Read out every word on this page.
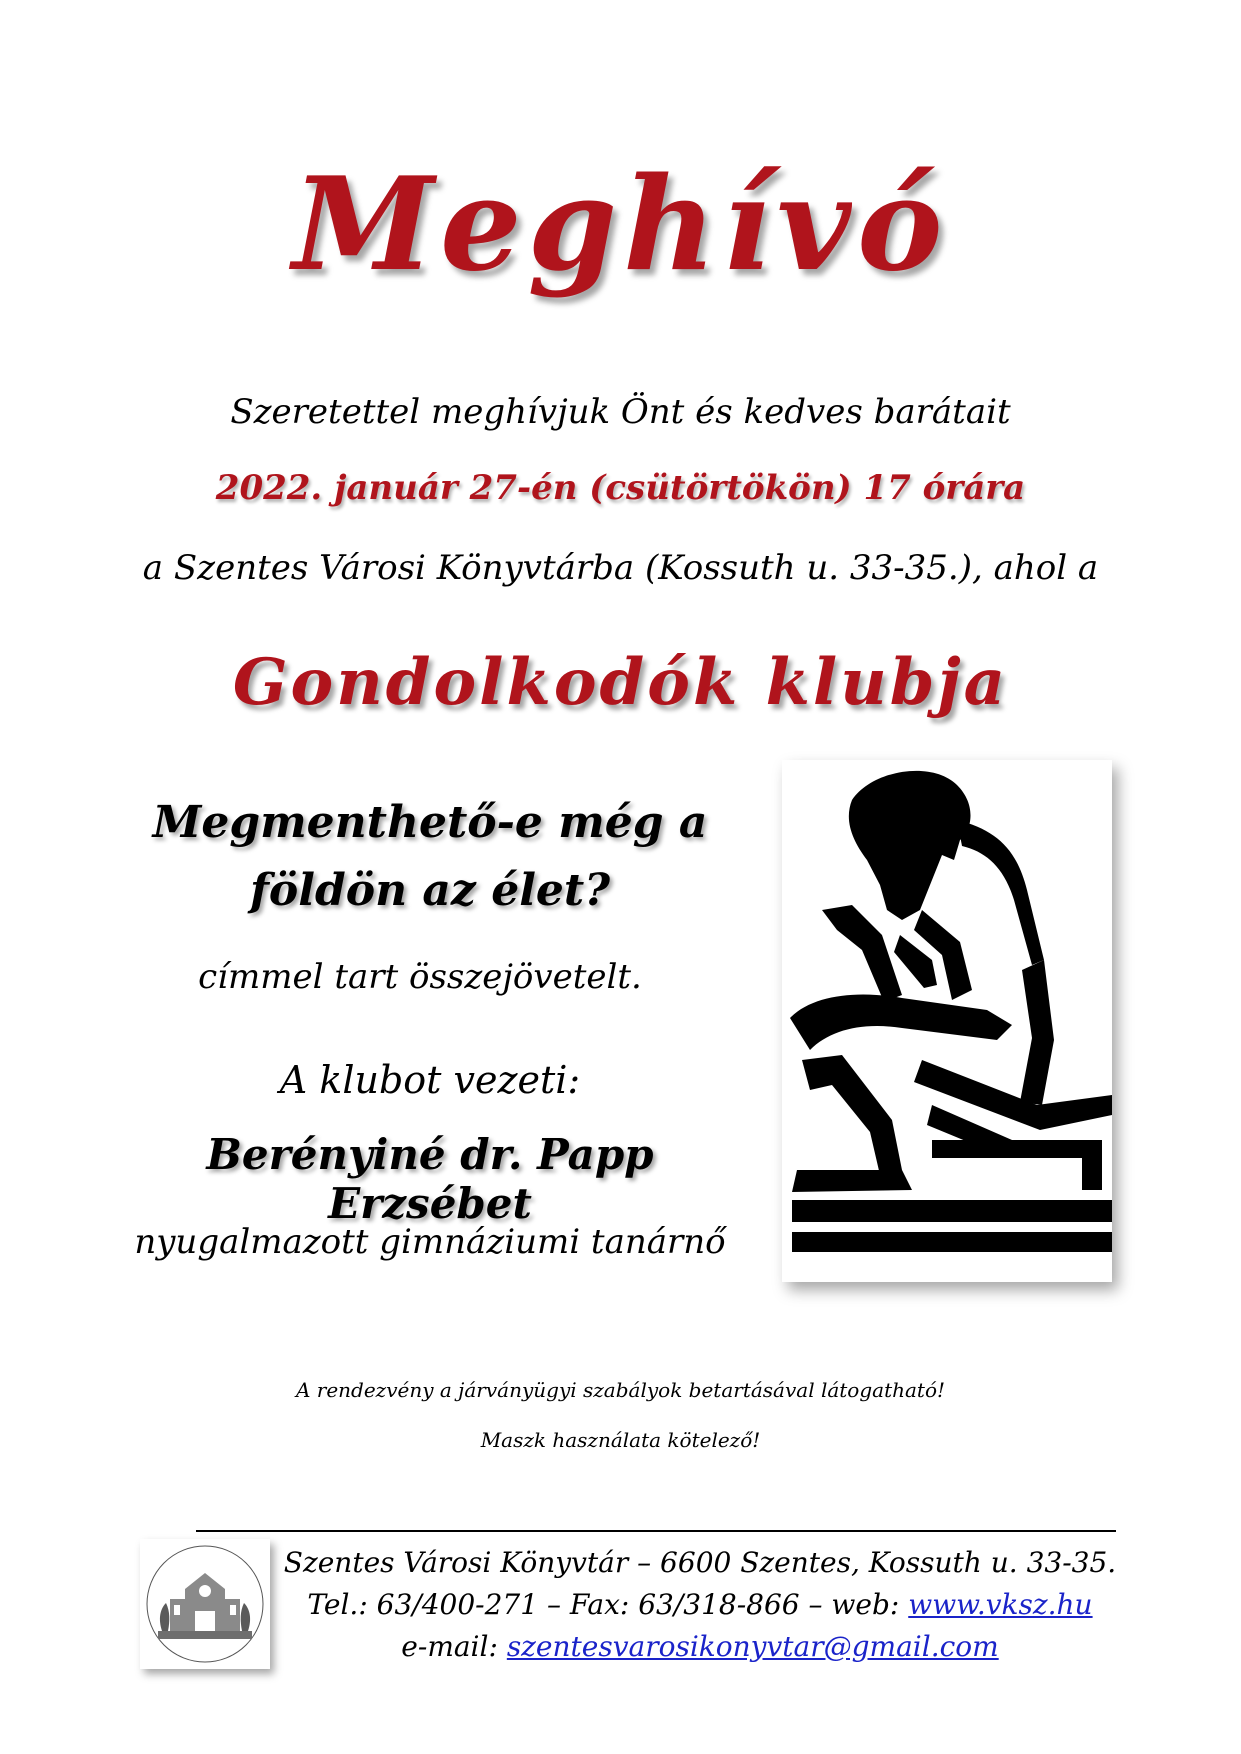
Meghívó
Szeretettel meghívjuk Önt és kedves barátait
2022. január 27-én (csütörtökön) 17 órára
a Szentes Városi Könyvtárba (Kossuth u. 33-35.), ahol a
Gondolkodók klubja
Megmenthető-e még a
földön az élet?
címmel tart összejövetelt.
A klubot vezeti:
Berényiné dr. Papp Erzsébet
nyugalmazott gimnáziumi tanárnő
A rendezvény a járványügyi szabályok betartásával látogatható!
Maszk használata kötelező!
Szentes Városi Könyvtár – 6600 Szentes, Kossuth u. 33-35.
Tel.: 63/400-271 – Fax: 63/318-866 – web: www.vksz.hu
e-mail: szentesvarosikonyvtar@gmail.com
